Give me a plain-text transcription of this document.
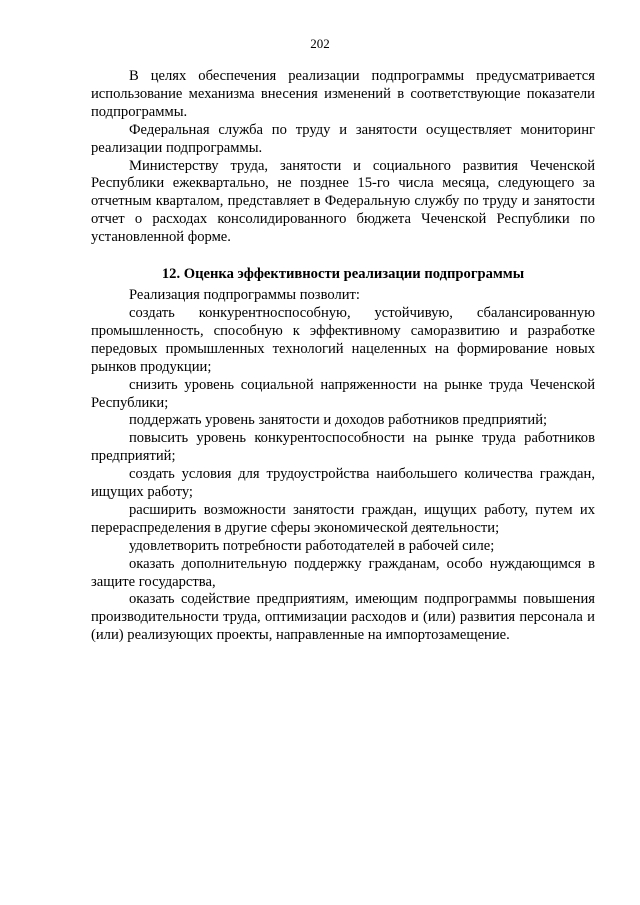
202

В целях обеспечения реализации подпрограммы предусматривается использование механизма внесения изменений в соответствующие показатели подпрограммы.

Федеральная служба по труду и занятости осуществляет мониторинг реализации подпрограммы.

Министерству труда, занятости и социального развития Чеченской Республики ежеквартально, не позднее 15-го числа месяца, следующего за отчетным кварталом, представляет в Федеральную службу по труду и занятости отчет о расходах консолидированного бюджета Чеченской Республики по установленной форме.

12. Оценка эффективности реализации подпрограммы

Реализация подпрограммы позволит:

создать конкурентноспособную, устойчивую, сбалансированную промышленность, способную к эффективному саморазвитию и разработке передовых промышленных технологий нацеленных на формирование новых рынков продукции;

снизить уровень социальной напряженности на рынке труда Чеченской Республики;

поддержать уровень занятости и доходов работников предприятий;

повысить уровень конкурентоспособности на рынке труда работников предприятий;

создать условия для трудоустройства наибольшего количества граждан, ищущих работу;

расширить возможности занятости граждан, ищущих работу, путем их перераспределения в другие сферы экономической деятельности;

удовлетворить потребности работодателей в рабочей силе;

оказать дополнительную поддержку гражданам, особо нуждающимся в защите государства,

оказать содействие предприятиям, имеющим подпрограммы повышения производительности труда, оптимизации расходов и (или) развития персонала и (или) реализующих проекты, направленные на импортозамещение.
